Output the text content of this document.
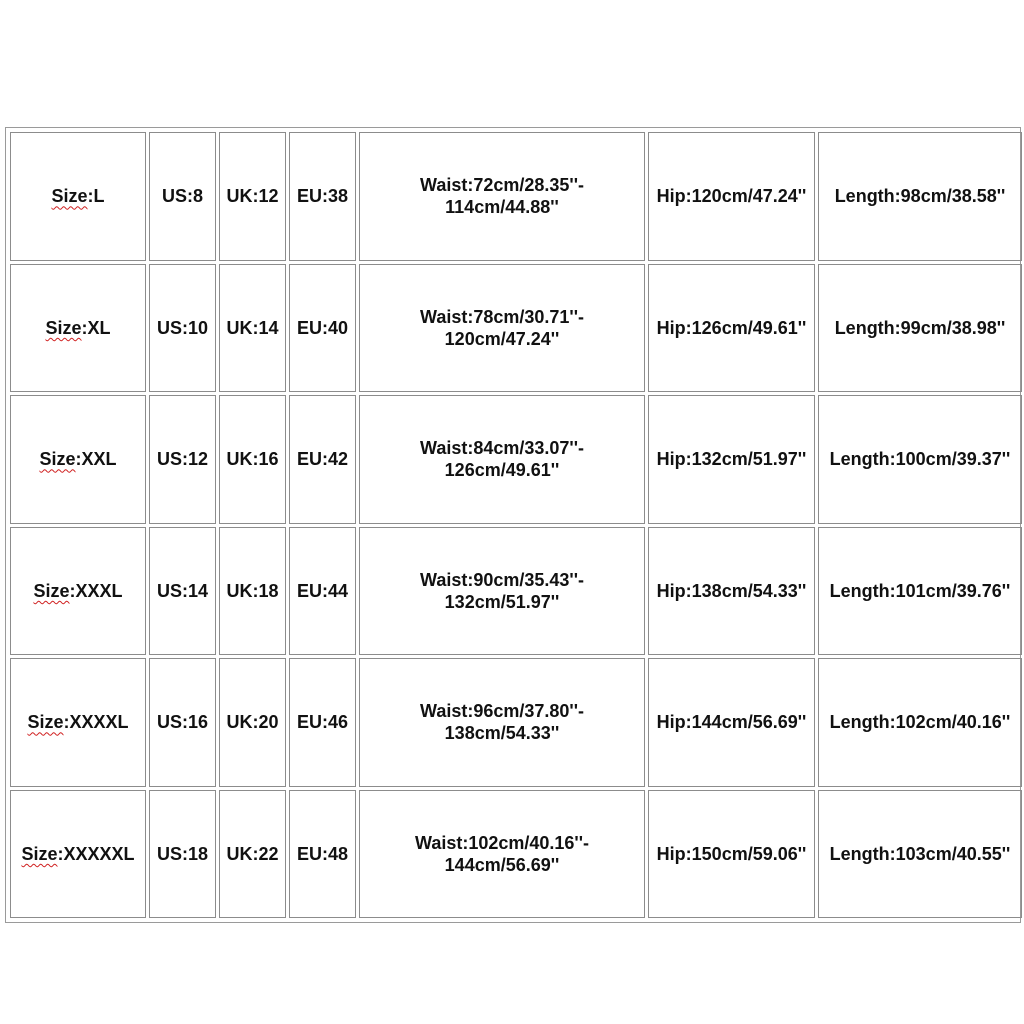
Size:L	US:8	UK:12	EU:38	Waist:72cm/28.35''-
114cm/44.88''	Hip:120cm/47.24''	Length:98cm/38.58''
Size:XL	US:10	UK:14	EU:40	Waist:78cm/30.71''-
120cm/47.24''	Hip:126cm/49.61''	Length:99cm/38.98''
Size:XXL	US:12	UK:16	EU:42	Waist:84cm/33.07''-
126cm/49.61''	Hip:132cm/51.97''	Length:100cm/39.37''
Size:XXXL	US:14	UK:18	EU:44	Waist:90cm/35.43''-
132cm/51.97''	Hip:138cm/54.33''	Length:101cm/39.76''
Size:XXXXL	US:16	UK:20	EU:46	Waist:96cm/37.80''-
138cm/54.33''	Hip:144cm/56.69''	Length:102cm/40.16''
Size:XXXXXL	US:18	UK:22	EU:48	Waist:102cm/40.16''-
144cm/56.69''	Hip:150cm/59.06''	Length:103cm/40.55''
